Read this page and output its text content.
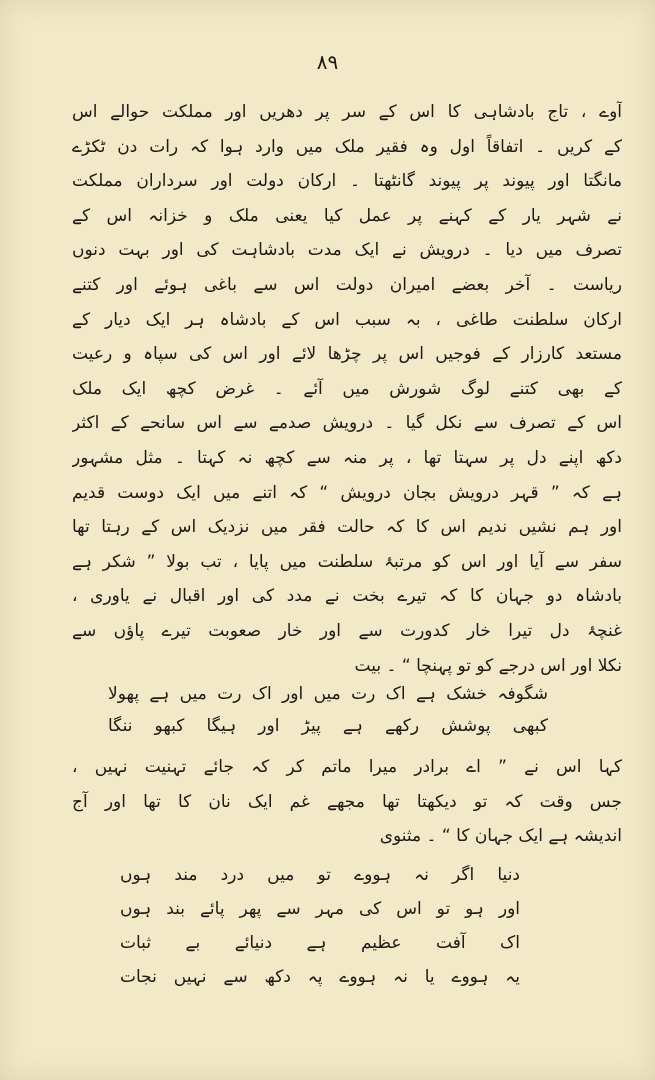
۸۹
آوے ، تاج بادشاہی کا اس کے سر پر دھریں اور مملکت حوالے اس
کے کریں ۔ اتفاقاً اول وہ فقیر ملک میں وارد ہوا کہ رات دن ٹکڑے
مانگتا اور پیوند پر پیوند گانٹھتا ۔ ارکان دولت اور سرداران مملکت
نے شہر یار کے کہنے پر عمل کیا یعنی ملک و خزانہ اس کے
تصرف میں دیا ۔ درویش نے ایک مدت بادشاہت کی اور بہت دنوں
ریاست ۔ آخر بعضے امیران دولت اس سے باغی ہوئے اور کتنے
ارکان سلطنت طاغی ، بہ سبب اس کے بادشاہ ہر ایک دیار کے
مستعد کارزار کے فوجیں اس پر چڑھا لائے اور اس کی سپاہ و رعیت
کے بھی کتنے لوگ شورش میں آئے ۔ غرض کچھ ایک ملک
اس کے تصرف سے نکل گیا ۔ درویش صدمے سے اس سانحے کے اکثر
دکھ اپنے دل پر سہتا تھا ، پر منہ سے کچھ نہ کہتا ۔ مثل مشہور
ہے کہ ” قہر درویش بجان درویش “ کہ اتنے میں ایک دوست قدیم
اور ہم نشیں ندیم اس کا کہ حالت فقر میں نزدیک اس کے رہتا تھا
سفر سے آیا اور اس کو مرتبۂ سلطنت میں پایا ، تب بولا ” شکر ہے
بادشاہ دو جہان کا کہ تیرے بخت نے مدد کی اور اقبال نے یاوری ،
غنچۂ دل تیرا خار کدورت سے اور خار صعوبت تیرے پاؤں سے
نکلا اور اس درجے کو تو پہنچا “ ۔ بیت
شگوفہ خشک ہے اک رت میں اور اک رت میں ہے پھولا
کبھی پوشش رکھے ہے پیڑ اور ہیگا کبھو ننگا
کہا اس نے ” اے برادر میرا ماتم کر کہ جائے تہنیت نہیں ،
جس وقت کہ تو دیکھتا تھا مجھے غم ایک نان کا تھا اور آج
اندیشہ ہے ایک جہان کا “ ۔ مثنوی
دنیا اگر نہ ہووے تو میں درد مند ہوں
اور ہو تو اس کی مہر سے پھر پائے بند ہوں
اک آفت عظیم ہے دنیائے بے ثبات
یہ ہووے یا نہ ہووے پہ دکھ سے نہیں نجات
